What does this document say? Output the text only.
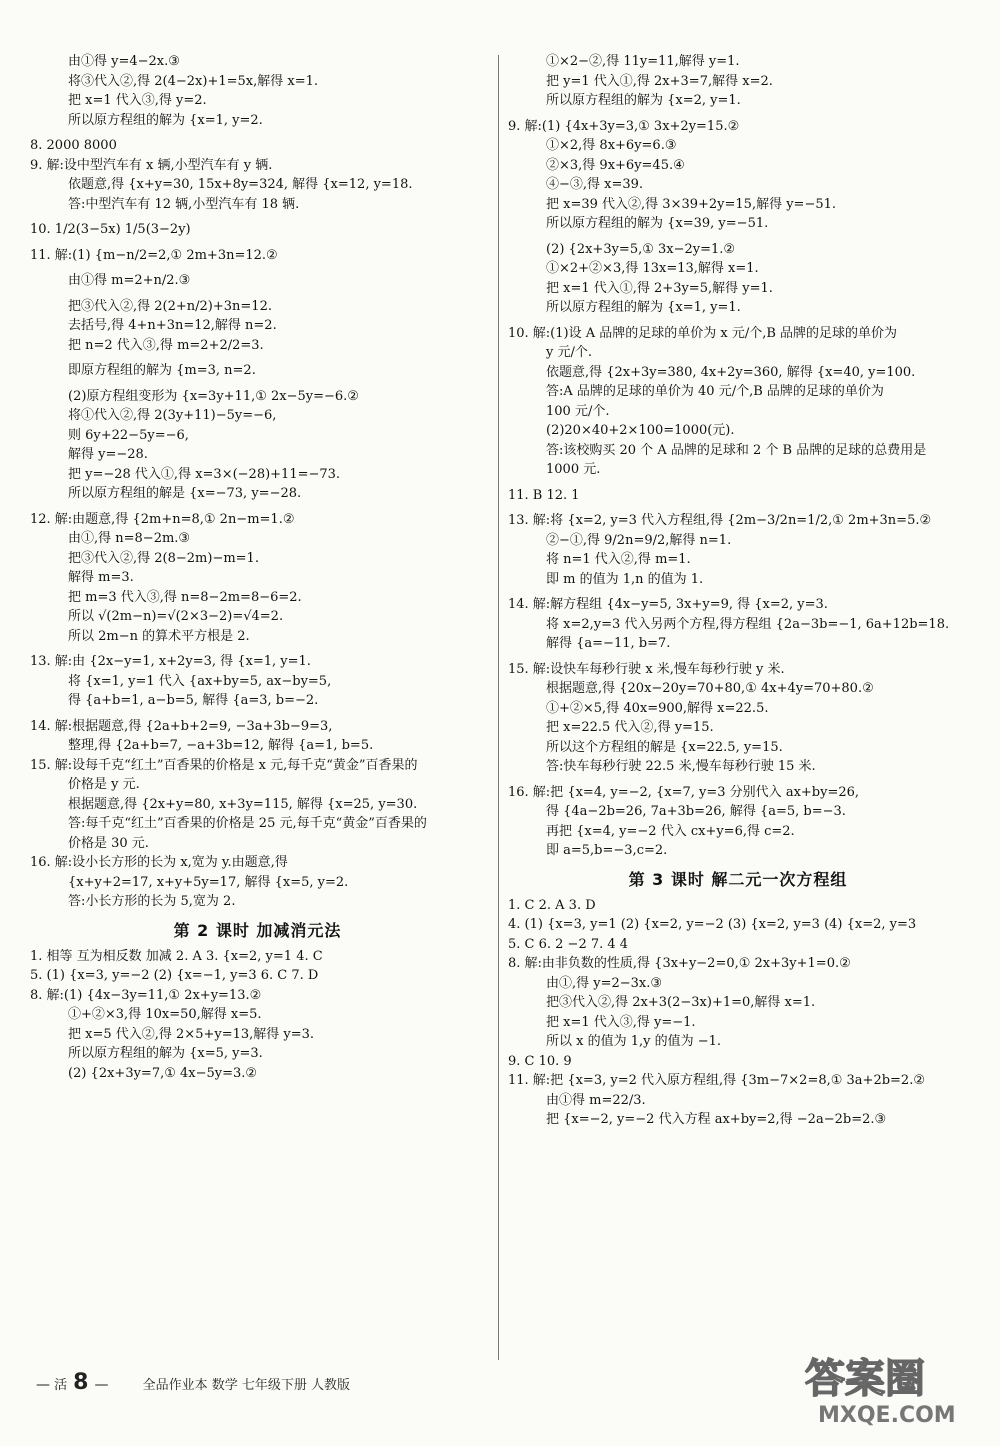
由①得 y=4−2x.③
将③代入②,得 2(4−2x)+1=5x,解得 x=1.
把 x=1 代入③,得 y=2.
所以原方程组的解为 {x=1, y=2.
8. 2000 8000
9. 解:设中型汽车有 x 辆,小型汽车有 y 辆.
依题意,得 {x+y=30, 15x+8y=324, 解得 {x=12, y=18.
答:中型汽车有 12 辆,小型汽车有 18 辆.
10. 1/2(3−5x) 1/5(3−2y)
11. 解:(1) {m−n/2=2,① 2m+3n=12.②
由①得 m=2+n/2.③
把③代入②,得 2(2+n/2)+3n=12.
去括号,得 4+n+3n=12,解得 n=2.
把 n=2 代入③,得 m=2+2/2=3.
即原方程组的解为 {m=3, n=2.
(2)原方程组变形为 {x=3y+11,① 2x−5y=−6.②
将①代入②,得 2(3y+11)−5y=−6,
则 6y+22−5y=−6,
解得 y=−28.
把 y=−28 代入①,得 x=3×(−28)+11=−73.
所以原方程组的解是 {x=−73, y=−28.
12. 解:由题意,得 {2m+n=8,① 2n−m=1.②
由①,得 n=8−2m.③
把③代入②,得 2(8−2m)−m=1.
解得 m=3.
把 m=3 代入③,得 n=8−2m=8−6=2.
所以 √(2m−n)=√(2×3−2)=√4=2.
所以 2m−n 的算术平方根是 2.
13. 解:由 {2x−y=1, x+2y=3, 得 {x=1, y=1.
将 {x=1, y=1 代入 {ax+by=5, ax−by=5,
得 {a+b=1, a−b=5, 解得 {a=3, b=−2.
14. 解:根据题意,得 {2a+b+2=9, −3a+3b−9=3,
整理,得 {2a+b=7, −a+3b=12, 解得 {a=1, b=5.
15. 解:设每千克“红土”百香果的价格是 x 元,每千克“黄金”百香果的
价格是 y 元.
根据题意,得 {2x+y=80, x+3y=115, 解得 {x=25, y=30.
答:每千克“红土”百香果的价格是 25 元,每千克“黄金”百香果的
价格是 30 元.
16. 解:设小长方形的长为 x,宽为 y.由题意,得
{x+y+2=17, x+y+5y=17, 解得 {x=5, y=2.
答:小长方形的长为 5,宽为 2.
第 2 课时 加减消元法
1. 相等 互为相反数 加减 2. A 3. {x=2, y=1 4. C
5. (1) {x=3, y=−2 (2) {x=−1, y=3 6. C 7. D
8. 解:(1) {4x−3y=11,① 2x+y=13.②
①+②×3,得 10x=50,解得 x=5.
把 x=5 代入②,得 2×5+y=13,解得 y=3.
所以原方程组的解为 {x=5, y=3.
(2) {2x+3y=7,① 4x−5y=3.②
①×2−②,得 11y=11,解得 y=1.
把 y=1 代入①,得 2x+3=7,解得 x=2.
所以原方程组的解为 {x=2, y=1.
9. 解:(1) {4x+3y=3,① 3x+2y=15.②
①×2,得 8x+6y=6.③
②×3,得 9x+6y=45.④
④−③,得 x=39.
把 x=39 代入②,得 3×39+2y=15,解得 y=−51.
所以原方程组的解为 {x=39, y=−51.
(2) {2x+3y=5,① 3x−2y=1.②
①×2+②×3,得 13x=13,解得 x=1.
把 x=1 代入①,得 2+3y=5,解得 y=1.
所以原方程组的解为 {x=1, y=1.
10. 解:(1)设 A 品牌的足球的单价为 x 元/个,B 品牌的足球的单价为
y 元/个.
依题意,得 {2x+3y=380, 4x+2y=360, 解得 {x=40, y=100.
答:A 品牌的足球的单价为 40 元/个,B 品牌的足球的单价为
100 元/个.
(2)20×40+2×100=1000(元).
答:该校购买 20 个 A 品牌的足球和 2 个 B 品牌的足球的总费用是
1000 元.
11. B 12. 1
13. 解:将 {x=2, y=3 代入方程组,得 {2m−3/2n=1/2,① 2m+3n=5.②
②−①,得 9/2n=9/2,解得 n=1.
将 n=1 代入②,得 m=1.
即 m 的值为 1,n 的值为 1.
14. 解:解方程组 {4x−y=5, 3x+y=9, 得 {x=2, y=3.
将 x=2,y=3 代入另两个方程,得方程组 {2a−3b=−1, 6a+12b=18.
解得 {a=−11, b=7.
15. 解:设快车每秒行驶 x 米,慢车每秒行驶 y 米.
根据题意,得 {20x−20y=70+80,① 4x+4y=70+80.②
①+②×5,得 40x=900,解得 x=22.5.
把 x=22.5 代入②,得 y=15.
所以这个方程组的解是 {x=22.5, y=15.
答:快车每秒行驶 22.5 米,慢车每秒行驶 15 米.
16. 解:把 {x=4, y=−2, {x=7, y=3 分别代入 ax+by=26,
得 {4a−2b=26, 7a+3b=26, 解得 {a=5, b=−3.
再把 {x=4, y=−2 代入 cx+y=6,得 c=2.
即 a=5,b=−3,c=2.
第 3 课时 解二元一次方程组
1. C 2. A 3. D
4. (1) {x=3, y=1 (2) {x=2, y=−2 (3) {x=2, y=3 (4) {x=2, y=3
5. C 6. 2 −2 7. 4 4
8. 解:由非负数的性质,得 {3x+y−2=0,① 2x+3y+1=0.②
由①,得 y=2−3x.③
把③代入②,得 2x+3(2−3x)+1=0,解得 x=1.
把 x=1 代入③,得 y=−1.
所以 x 的值为 1,y 的值为 −1.
9. C 10. 9
11. 解:把 {x=3, y=2 代入原方程组,得 {3m−7×2=8,① 3a+2b=2.②
由①得 m=22/3.
把 {x=−2, y=−2 代入方程 ax+by=2,得 −2a−2b=2.③
— 活 8 —	全品作业本 数学 七年级下册 人教版	答案圈
MXQE.COM
